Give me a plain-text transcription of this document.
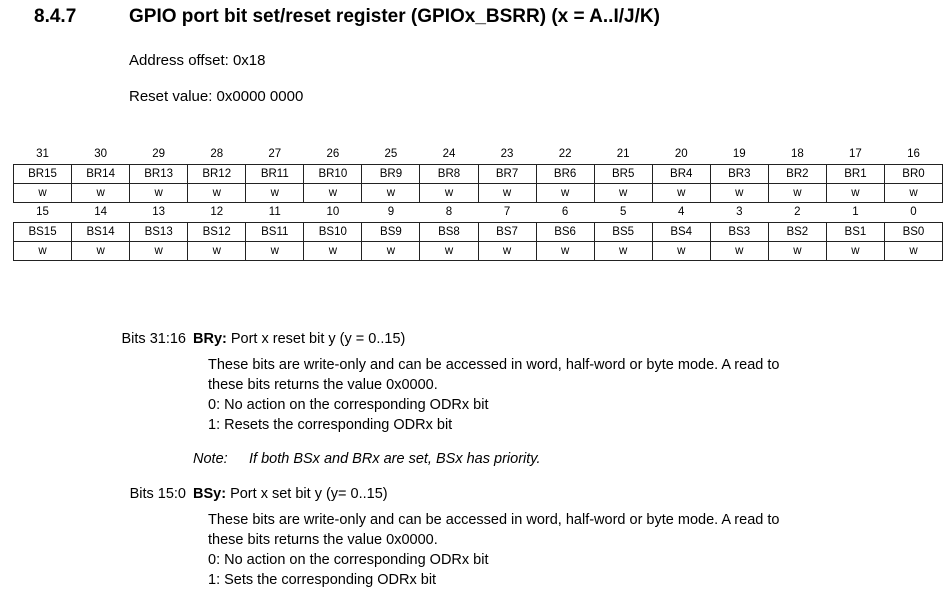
8.4.7	GPIO port bit set/reset register (GPIOx_BSRR) (x = A..I/J/K)
Address offset: 0x18
Reset value: 0x0000 0000
31	30	29	28	27	26	25	24	23	22	21	20	19	18	17	16
BR15	BR14	BR13	BR12	BR11	BR10	BR9	BR8	BR7	BR6	BR5	BR4	BR3	BR2	BR1	BR0
w	w	w	w	w	w	w	w	w	w	w	w	w	w	w	w
15	14	13	12	11	10	9	8	7	6	5	4	3	2	1	0
BS15	BS14	BS13	BS12	BS11	BS10	BS9	BS8	BS7	BS6	BS5	BS4	BS3	BS2	BS1	BS0
w	w	w	w	w	w	w	w	w	w	w	w	w	w	w	w
Bits 31:16 BRy: Port x reset bit y (y = 0..15)
These bits are write-only and can be accessed in word, half-word or byte mode. A read to
these bits returns the value 0x0000.
0: No action on the corresponding ODRx bit
1: Resets the corresponding ODRx bit
Note: If both BSx and BRx are set, BSx has priority.
Bits 15:0 BSy: Port x set bit y (y= 0..15)
These bits are write-only and can be accessed in word, half-word or byte mode. A read to
these bits returns the value 0x0000.
0: No action on the corresponding ODRx bit
1: Sets the corresponding ODRx bit
